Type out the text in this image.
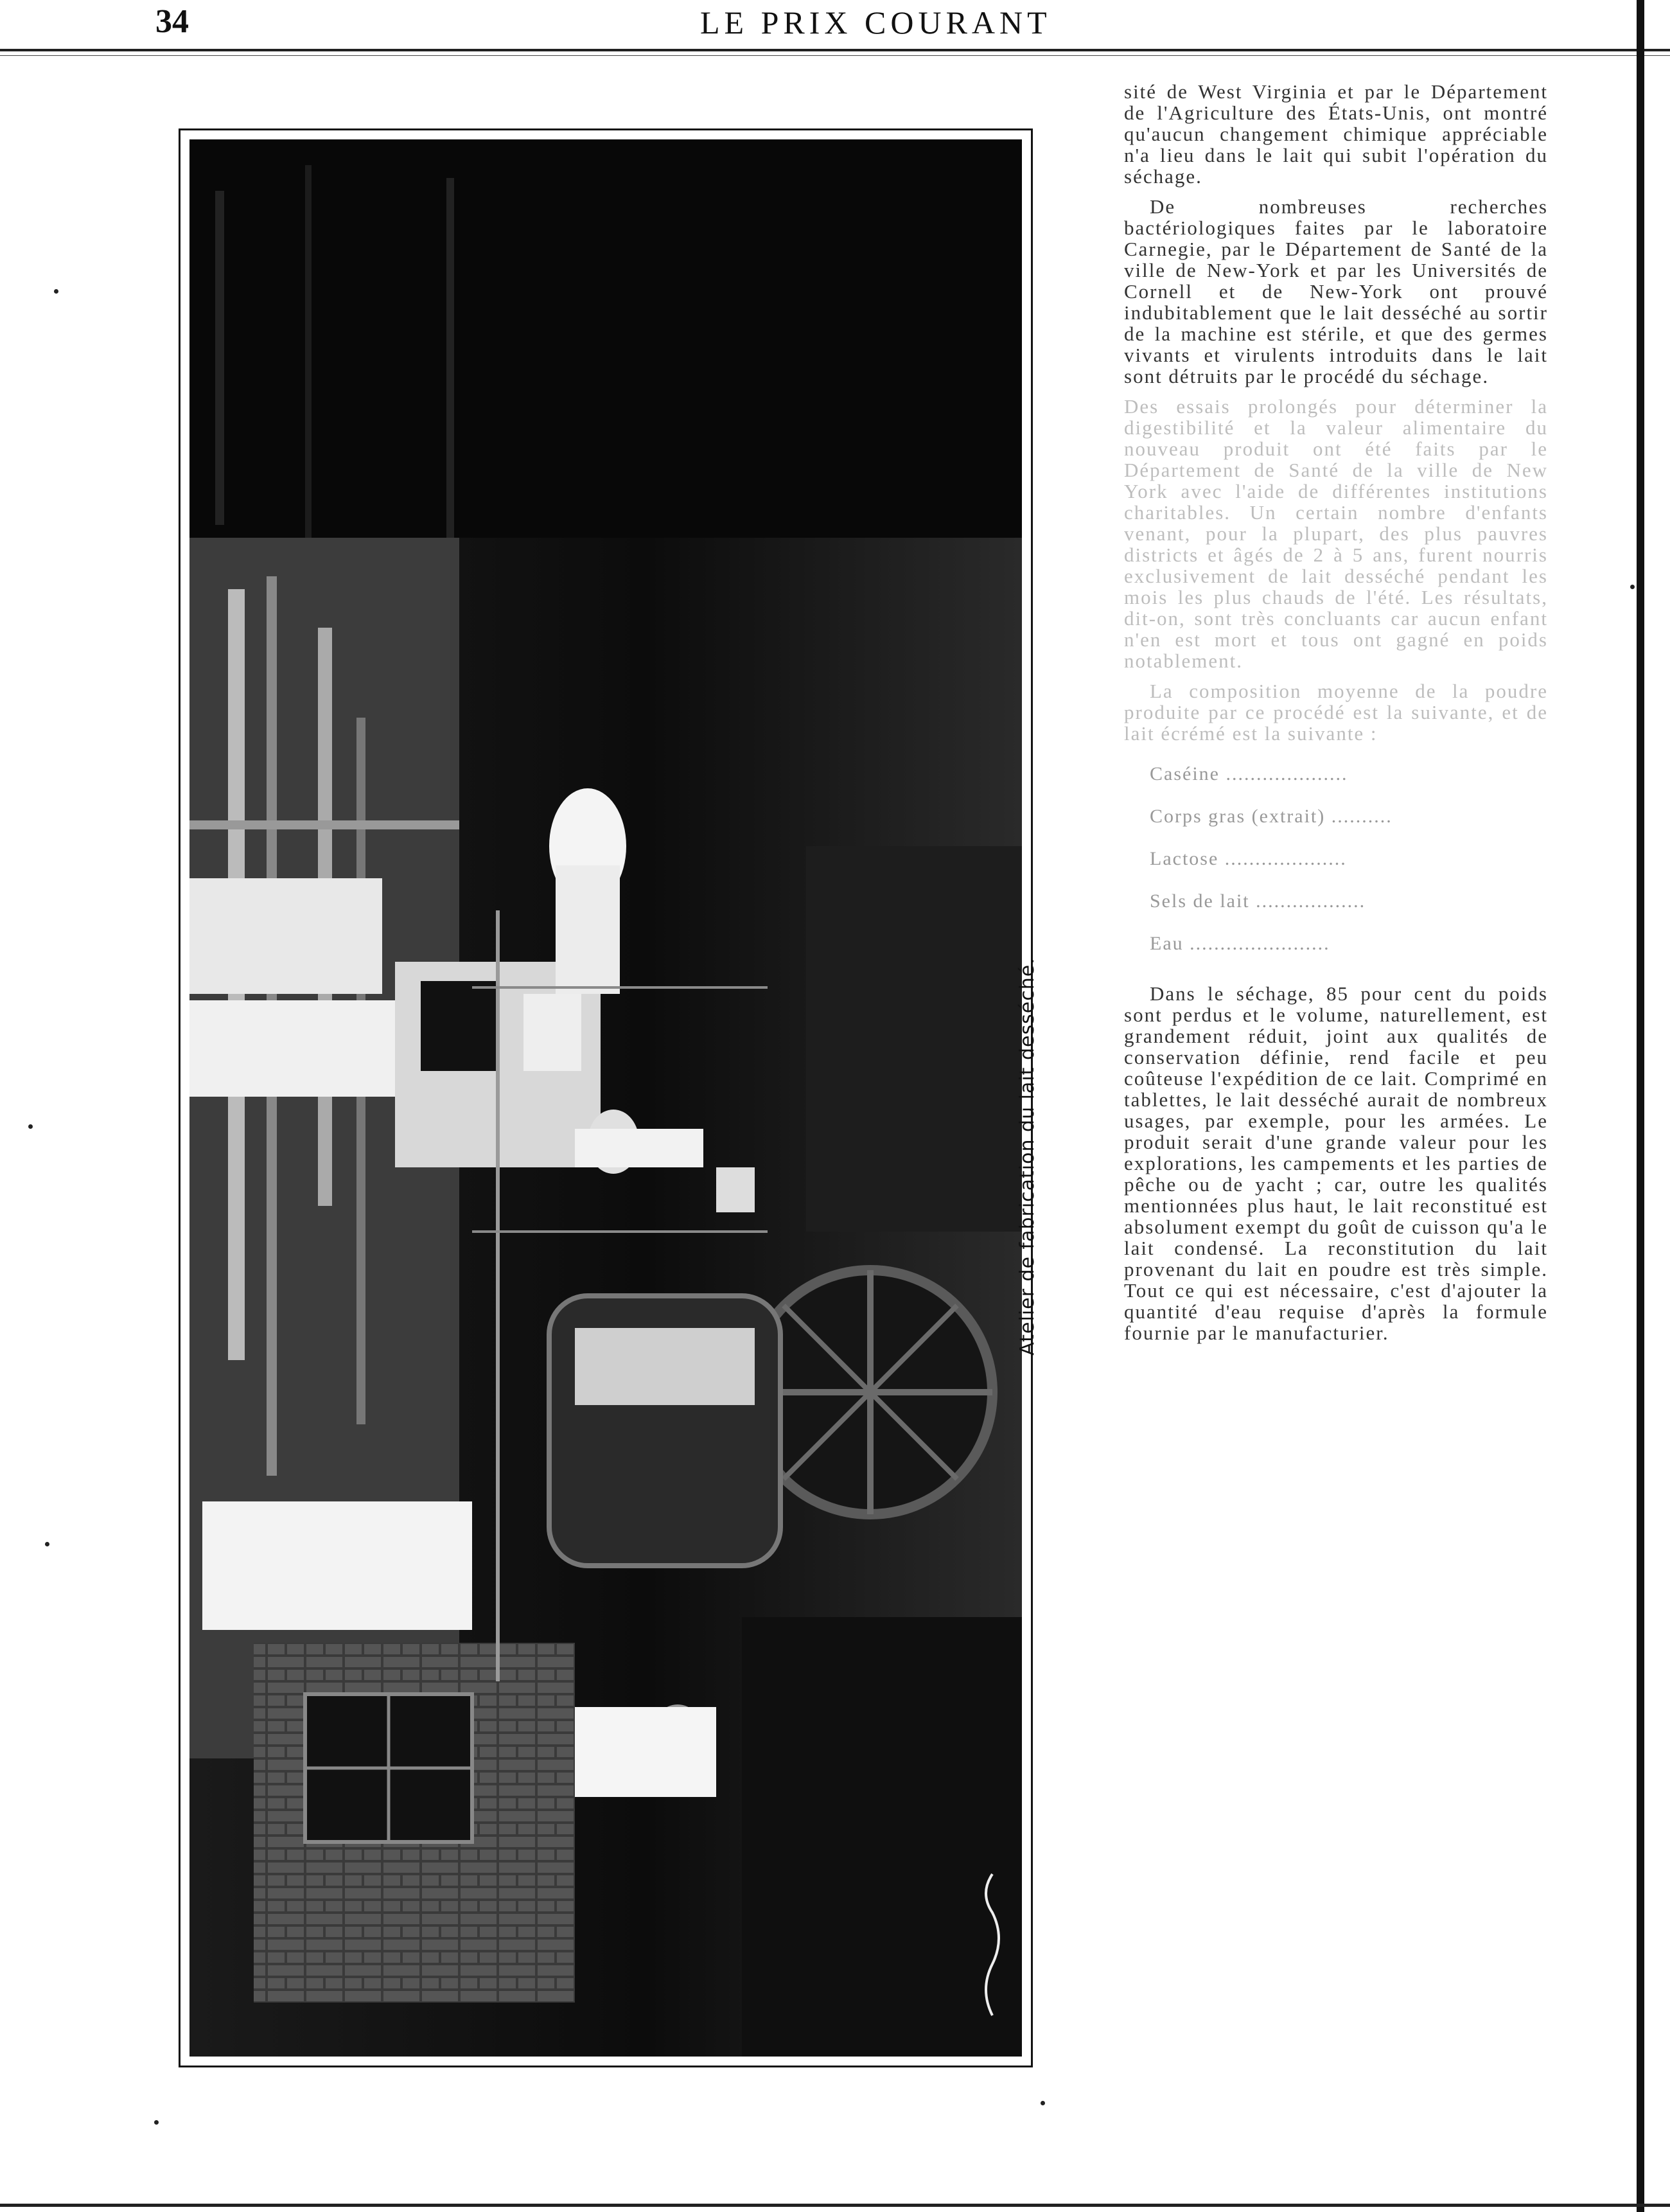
34	LE PRIX COURANT
Atelier de fabrication du lait desséché.

sité de West Virginia et par le Département de l'Agriculture des États-Unis, ont montré qu'aucun changement chimique appréciable n'a lieu dans le lait qui subit l'opération du séchage.

De nombreuses recherches bactériologiques faites par le laboratoire Carnegie, par le Département de Santé de la ville de New-York et par les Universités de Cornell et de New-York ont prouvé indubitablement que le lait desséché au sortir de la machine est stérile, et que des germes vivants et virulents introduits dans le lait sont détruits par le procédé du séchage.

Des essais prolongés pour déterminer la digestibilité et la valeur alimentaire du nouveau produit ont été faits par le Département de Santé de la ville de New York avec l'aide de différentes institutions charitables. Un certain nombre d'enfants venant, pour la plupart, des plus pauvres districts et âgés de 2 à 5 ans, furent nourris exclusivement de lait desséché pendant les mois les plus chauds de l'été. Les résultats, dit-on, sont très concluants car aucun enfant n'en est mort et tous ont gagné en poids notablement.

La composition moyenne de la poudre produite par ce procédé est la suivante, et de lait écrémé est la suivante :

Caséine ....................
Corps gras (extrait) ..........
Lactose ....................
Sels de lait ..................
Eau .......................

Dans le séchage, 85 pour cent du poids sont perdus et le volume, naturellement, est grandement réduit, joint aux qualités de conservation définie, rend facile et peu coûteuse l'expédition de ce lait. Comprimé en tablettes, le lait desséché aurait de nombreux usages, par exemple, pour les armées. Le produit serait d'une grande valeur pour les explorations, les campements et les parties de pêche ou de yacht ; car, outre les qualités mentionnées plus haut, le lait reconstitué est absolument exempt du goût de cuisson qu'a le lait condensé. La reconstitution du lait provenant du lait en poudre est très simple. Tout ce qui est nécessaire, c'est d'ajouter la quantité d'eau requise d'après la formule fournie par le manufacturier.
